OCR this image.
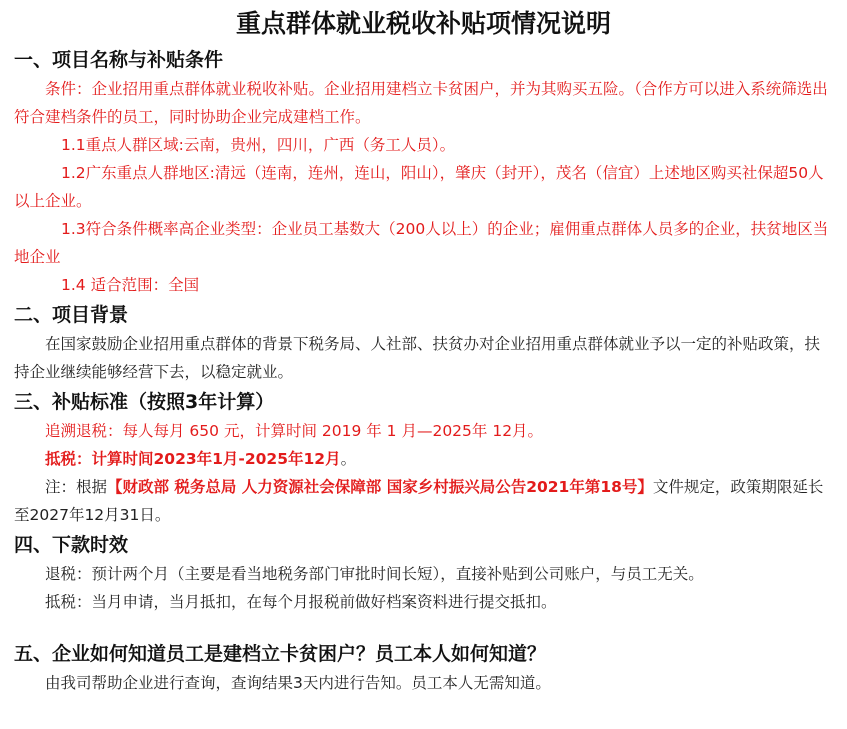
重点群体就业税收补贴项情况说明
一、项目名称与补贴条件

条件：企业招用重点群体就业税收补贴。企业招用建档立卡贫困户，并为其购买五险。（合作方可以进入系统筛选出符合建档条件的员工，同时协助企业完成建档工作。

1.1重点人群区域:云南，贵州，四川，广西（务工人员）。

1.2广东重点人群地区:清远（连南，连州，连山，阳山），肇庆（封开），茂名（信宜）上述地区购买社保超50人以上企业。

1.3符合条件概率高企业类型：企业员工基数大（200人以上）的企业；雇佣重点群体人员多的企业，扶贫地区当地企业

1.4 适合范围：全国

二、项目背景

在国家鼓励企业招用重点群体的背景下税务局、人社部、扶贫办对企业招用重点群体就业予以一定的补贴政策，扶持企业继续能够经营下去，以稳定就业。

三、补贴标准（按照3年计算）

追溯退税：每人每月 650 元，计算时间 2019 年 1 月—2025年 12月。

抵税：计算时间2023年1月-2025年12月。

注：根据【财政部 税务总局 人力资源社会保障部 国家乡村振兴局公告2021年第18号】文件规定，政策期限延长至2027年12月31日。

四、下款时效

退税：预计两个月（主要是看当地税务部门审批时间长短），直接补贴到公司账户，与员工无关。

抵税：当月申请，当月抵扣，在每个月报税前做好档案资料进行提交抵扣。

五、企业如何知道员工是建档立卡贫困户？员工本人如何知道？

由我司帮助企业进行查询，查询结果3天内进行告知。员工本人无需知道。
